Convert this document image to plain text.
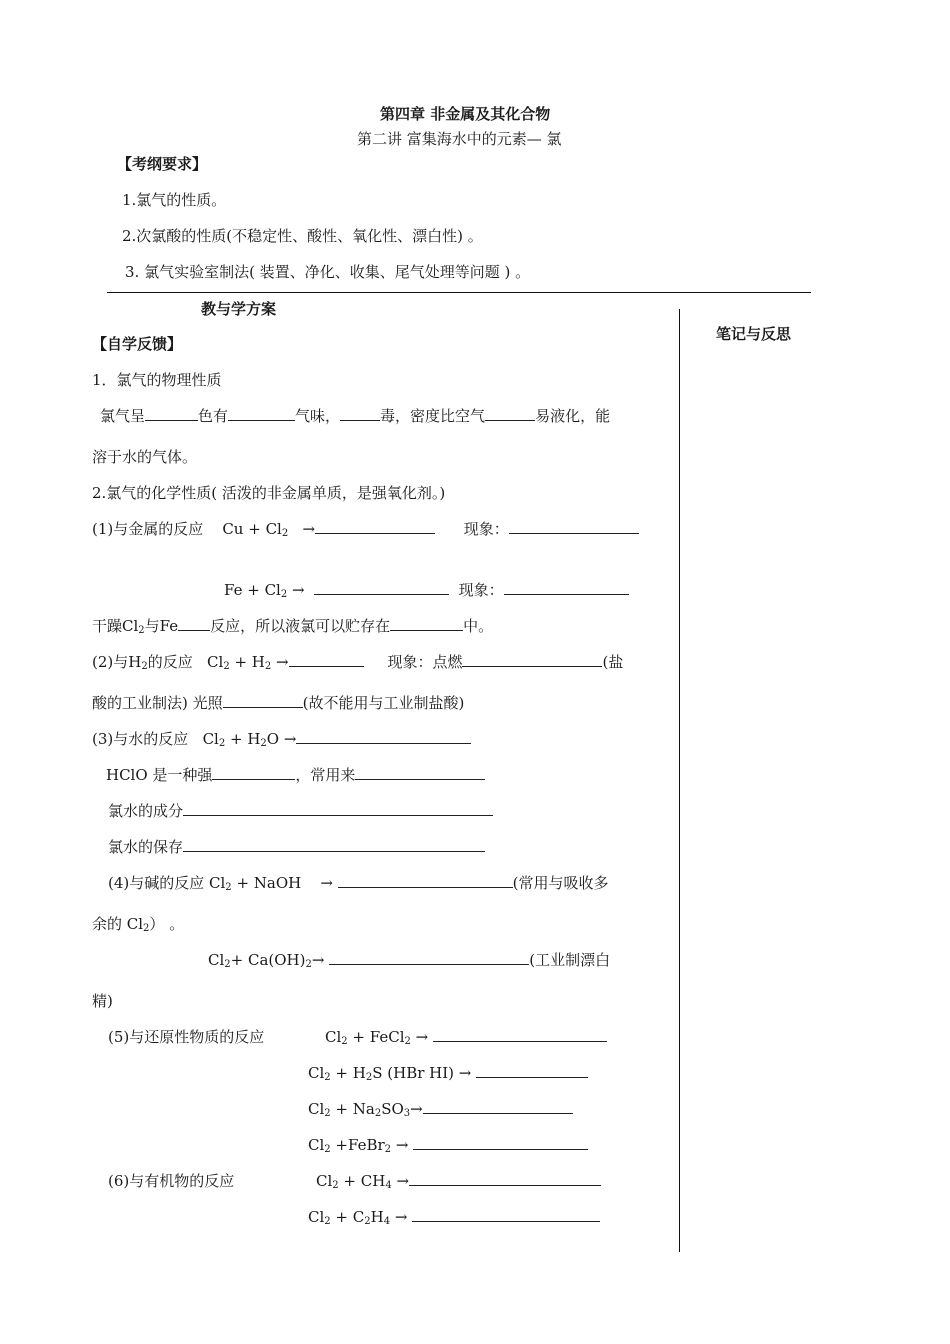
第四章 非金属及其化合物
第二讲 富集海水中的元素— 氯
【考纲要求】
1.氯气的性质。
2.次氯酸的性质(不稳定性、酸性、氧化性、漂白性) 。
3. 氯气实验室制法( 装置、净化、收集、尾气处理等问题 ) 。
教与学方案
笔记与反思
【自学反馈】
1．氯气的物理性质
氯气呈	色有	气味，	毒，密度比空气	易液化，能
溶于水的气体。
2.氯气的化学性质( 活泼的非金属单质，是强氧化剂。)
(1)与金属的反应 $Cu + Cl_2$ →	现象：
$Fe + Cl_2$ →	现象：
干躁$Cl_2$与Fe 反应，所以液氯可以贮存在	中。
(2)与$H_2$的反应 $Cl_2 + H_2$ →	现象：点燃	(盐
酸的工业制法) 光照	(故不能用与工业制盐酸)
(3)与水的反应 $Cl_2 + H_2O$ →
HClO 是一种强	，常用来
氯水的成分
氯水的保存
(4)与碱的反应 $Cl_2$ + NaOH →	(常用与吸收多
余的 $Cl_2$） 。
$Cl_2+ Ca(OH)_2\to$	(工业制漂白
精)
(5)与还原性物质的反应	$Cl_2$ + FeCl$_2$ →
$Cl_2 + H_2S$ (HBr HI) →
$Cl_2 + Na_2SO_3\to$
$Cl_2$ +FeBr$_2$ →
(6)与有机物的反应	$Cl_2 + CH_4$ →
$Cl_2 + C_2H_4$ →
